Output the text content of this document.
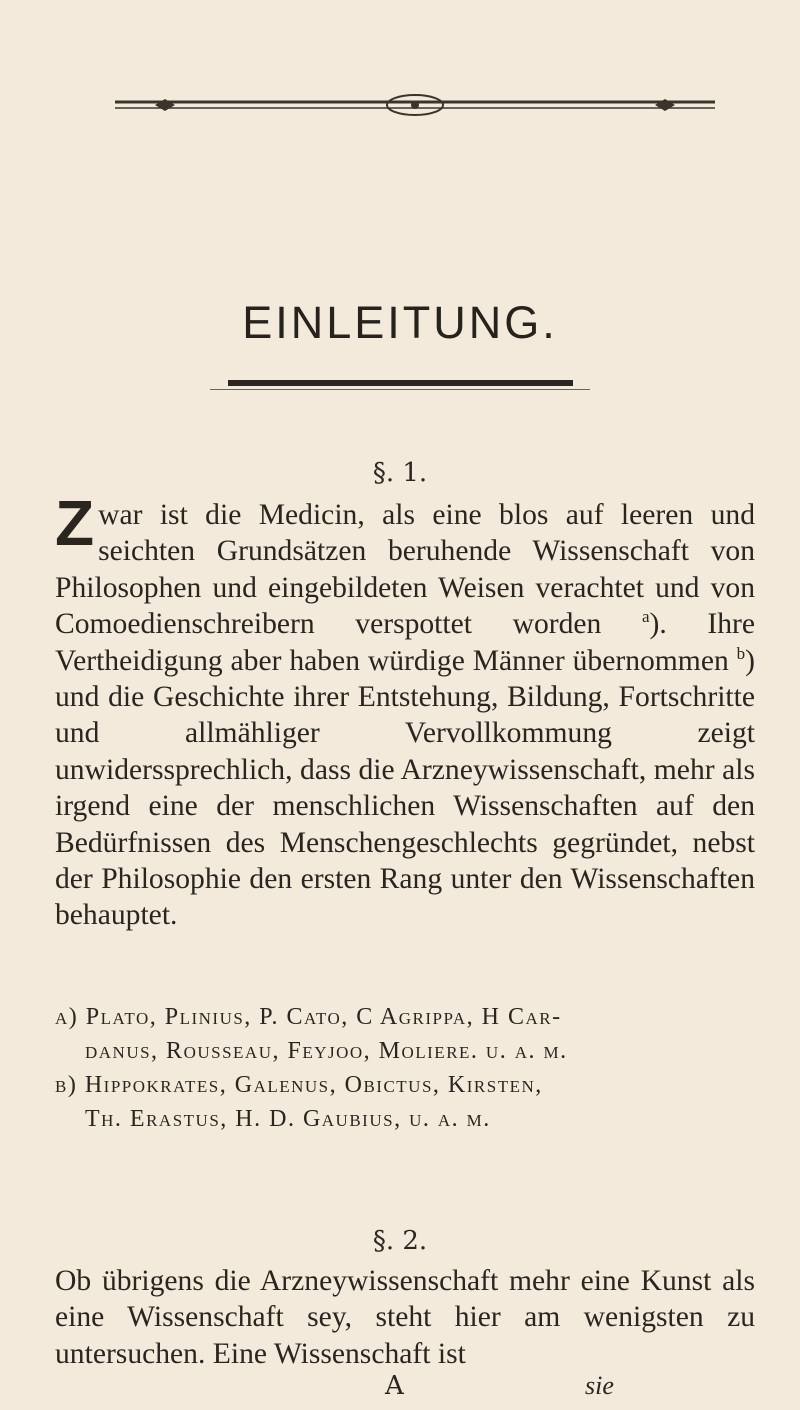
EINLEITUNG.
§. 1.

Zwar ist die Medicin, als eine blos auf leeren und seichten Grundsätzen beruhende Wissenschaft von Philosophen und eingebildeten Weisen verachtet und von Comoedienschreibern verspottet worden $^a$). Ihre Vertheidigung aber haben würdige Männer übernommen $^b$) und die Geschichte ihrer Entstehung, Bildung, Fortschritte und allmähliger Vervollkommung zeigt unwiderssprechlich, dass die Arzneywissenschaft, mehr als irgend eine der menschlichen Wissenschaften auf den Bedürfnissen des Menschengeschlechts gegründet, nebst der Philosophie den ersten Rang unter den Wissenschaften behauptet.

a) Plato, Plinius, P. Cato, C Agrippa, H Car-

danus, Rousseau, Feyjoo, Moliere. u. a. m.

b) Hippokrates, Galenus, Obictus, Kirsten,

Th. Erastus, H. D. Gaubius, u. a. m.

§. 2.

Ob übrigens die Arzneywissenschaft mehr eine Kunst als eine Wissenschaft sey, steht hier am wenigsten zu untersuchen. Eine Wissenschaft ist

A	sie
